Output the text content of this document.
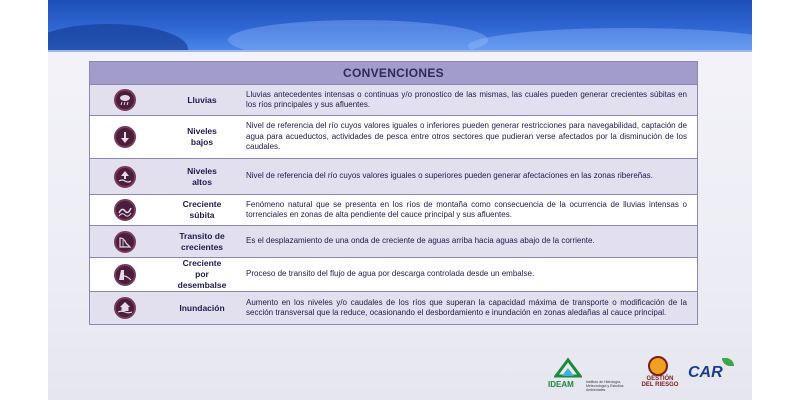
CONVENCIONES
Lluvias
Lluvias antecedentes intensas o continuas y/o pronostico de las mismas, las cuales pueden generar crecientes súbitas en los ríos principales y sus afluentes.
Niveles
bajos
Nivel de referencia del río cuyos valores iguales o inferiores pueden generar restricciones para navegabilidad, captación de agua para acueductos, actividades de pesca entre otros sectores que pudieran verse afectados por la disminución de los caudales.
Niveles
altos
Nivel de referencia del río cuyos valores iguales o superiores pueden generar afectaciones en las zonas ribereñas.
Creciente
súbita
Fenómeno natural que se presenta en los ríos de montaña como consecuencia de la ocurrencia de lluvias intensas o torrenciales en zonas de alta pendiente del cauce principal y sus afluentes.
Transito de
crecientes
Es el desplazamiento de una onda de creciente de aguas arriba hacia aguas abajo de la corriente.
Creciente
por
desembalse
Proceso de transito del flujo de agua por descarga controlada desde un embalse.
Inundación
Aumento en los niveles y/o caudales de los ríos que superan la capacidad máxima de transporte o modificación de la sección transversal que la reduce, ocasionando el desbordamiento e inundación en zonas aledañas al cauce principal.
IDEAM	Instituto de Hidrología, Meteorología y Estudios Ambientales
GESTIÓN
DEL RIESGO
CAR
